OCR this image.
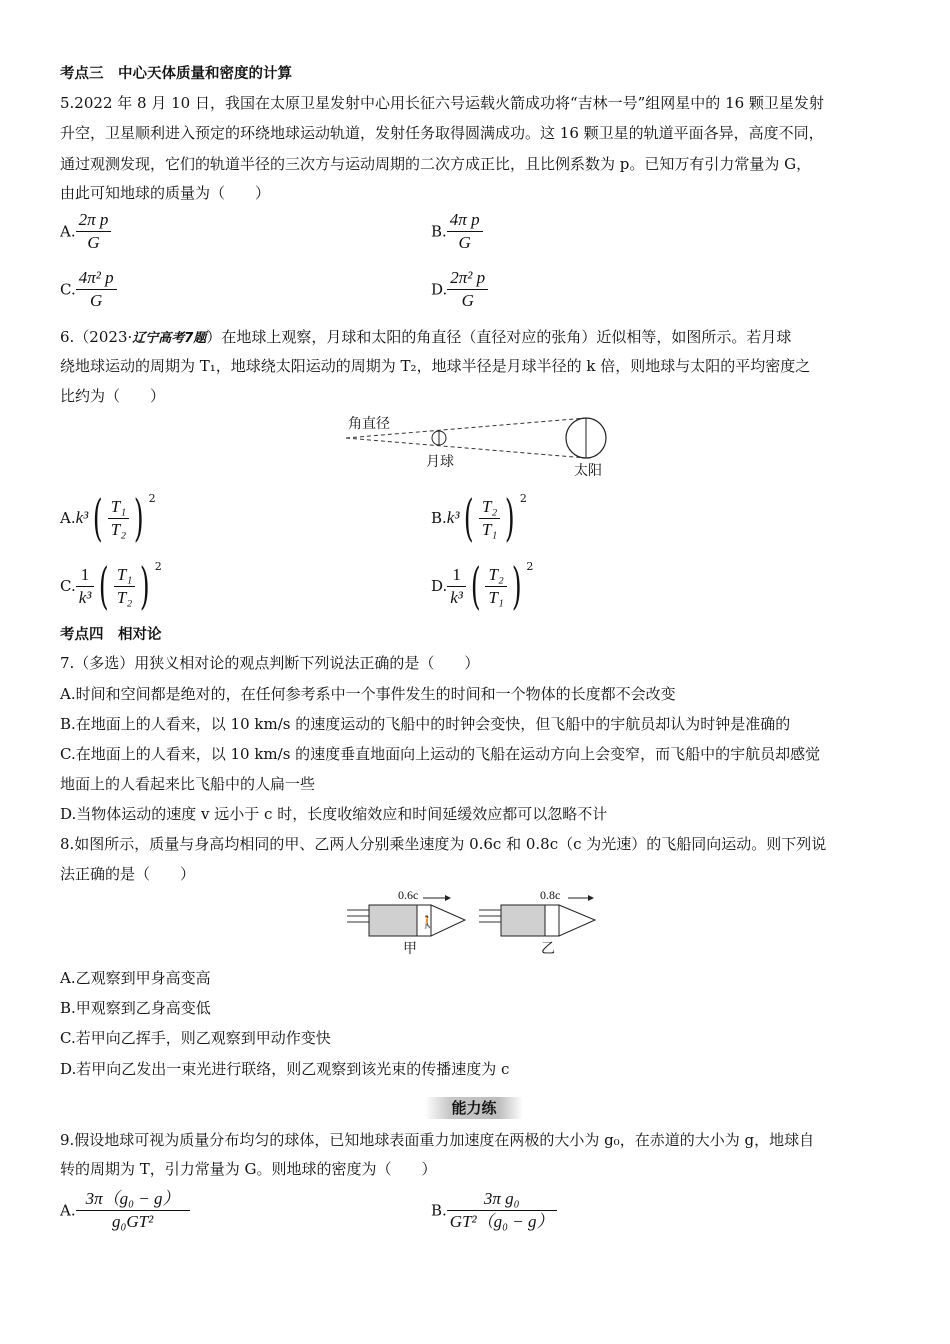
考点三　中心天体质量和密度的计算
5.2022 年 8 月 10 日，我国在太原卫星发射中心用长征六号运载火箭成功将“吉林一号”组网星中的 16 颗卫星发射
升空，卫星顺利进入预定的环绕地球运动轨道，发射任务取得圆满成功。这 16 颗卫星的轨道平面各异，高度不同，
通过观测发现，它们的轨道半径的三次方与运动周期的二次方成正比，且比例系数为 p。已知万有引力常量为 G，
由此可知地球的质量为（　　）
A. $\frac{\text{2π p}}{G}$	B. $\frac{\text{4π p}}{G}$
C. $\frac{\text{4π² p}}{G}$	D. $\frac{\text{2π² p}}{G}$
6.（2023·辽宁高考7题）在地球上观察，月球和太阳的角直径（直径对应的张角）近似相等，如图所示。若月球
绕地球运动的周期为 T₁，地球绕太阳运动的周期为 T₂，地球半径是月球半径的 k 倍，则地球与太阳的平均密度之
比约为（　　）
角直径
月球
太阳
$A.k^3( \frac{\text{T₁}}{\text{T₂}}$ ) $^2$
$B.k^3( \frac{\text{T₂}}{\text{T₁}}$ ) $^2$
C. $\frac{1}{\text{k³}}$ ( $\frac{\text{T₁}}{\text{T₂}}$ ) $^2$
D. $\frac{1}{\text{k³}}$ ( $\frac{\text{T₂}}{\text{T₁}}$ ) $^2$
考点四　相对论
7.（多选）用狭义相对论的观点判断下列说法正确的是（　　）
A.时间和空间都是绝对的，在任何参考系中一个事件发生的时间和一个物体的长度都不会改变
B.在地面上的人看来，以 10 km/s 的速度运动的飞船中的时钟会变快，但飞船中的宇航员却认为时钟是准确的
C.在地面上的人看来，以 10 km/s 的速度垂直地面向上运动的飞船在运动方向上会变窄，而飞船中的宇航员却感觉
地面上的人看起来比飞船中的人扁一些
D.当物体运动的速度 v 远小于 c 时，长度收缩效应和时间延缓效应都可以忽略不计
8.如图所示，质量与身高均相同的甲、乙两人分别乘坐速度为 0.6c 和 0.8c（c 为光速）的飞船同向运动。则下列说
法正确的是（　　）
🚶
0.6c	0.8c
甲	乙
A.乙观察到甲身高变高
B.甲观察到乙身高变低
C.若甲向乙挥手，则乙观察到甲动作变快
D.若甲向乙发出一束光进行联络，则乙观察到该光束的传播速度为 c
能力练
9.假设地球可视为质量分布均匀的球体，已知地球表面重力加速度在两极的大小为 g₀，在赤道的大小为 g，地球自
转的周期为 T，引力常量为 G。则地球的密度为（　　）
A. $\frac{\text{3π（g₀ − g）}}{\text{g₀GT²}}$	B. $\frac{\text{3π g₀}}{\text{GT²（g₀ − g）}}$
